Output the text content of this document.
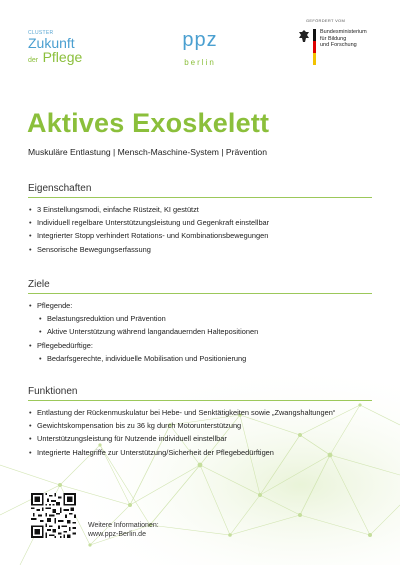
CLUSTER
Zukunft
der Pflege
ppz
berlin
GEFÖRDERT VOM
Bundesministerium
für Bildung
und Forschung
Aktives Exoskelett
Muskuläre Entlastung | Mensch-Maschine-System | Prävention
Eigenschaften
• 3 Einstellungsmodi, einfache Rüstzeit, KI gestützt
• Individuell regelbare Unterstützungsleistung und Gegenkraft einstellbar
• Integrierter Stopp verhindert Rotations- und Kombinationsbewegungen
• Sensorische Bewegungserfassung
Ziele
• Pflegende:
• Belastungsreduktion und Prävention
• Aktive Unterstützung während langandauernden Haltepositionen
• Pflegebedürftige:
• Bedarfsgerechte, individuelle Mobilisation und Positionierung
Funktionen
• Entlastung der Rückenmuskulatur bei Hebe- und Senktätigkeiten sowie „Zwangshaltungen“
• Gewichtskompensation bis zu 36 kg durch Motorunterstützung
• Unterstützungsleistung für Nutzende individuell einstellbar
• Integrierte Haltegriffe zur Unterstützung/Sicherheit der Pflegebedürftigen
Weitere Informationen:
www.ppz-Berlin.de
